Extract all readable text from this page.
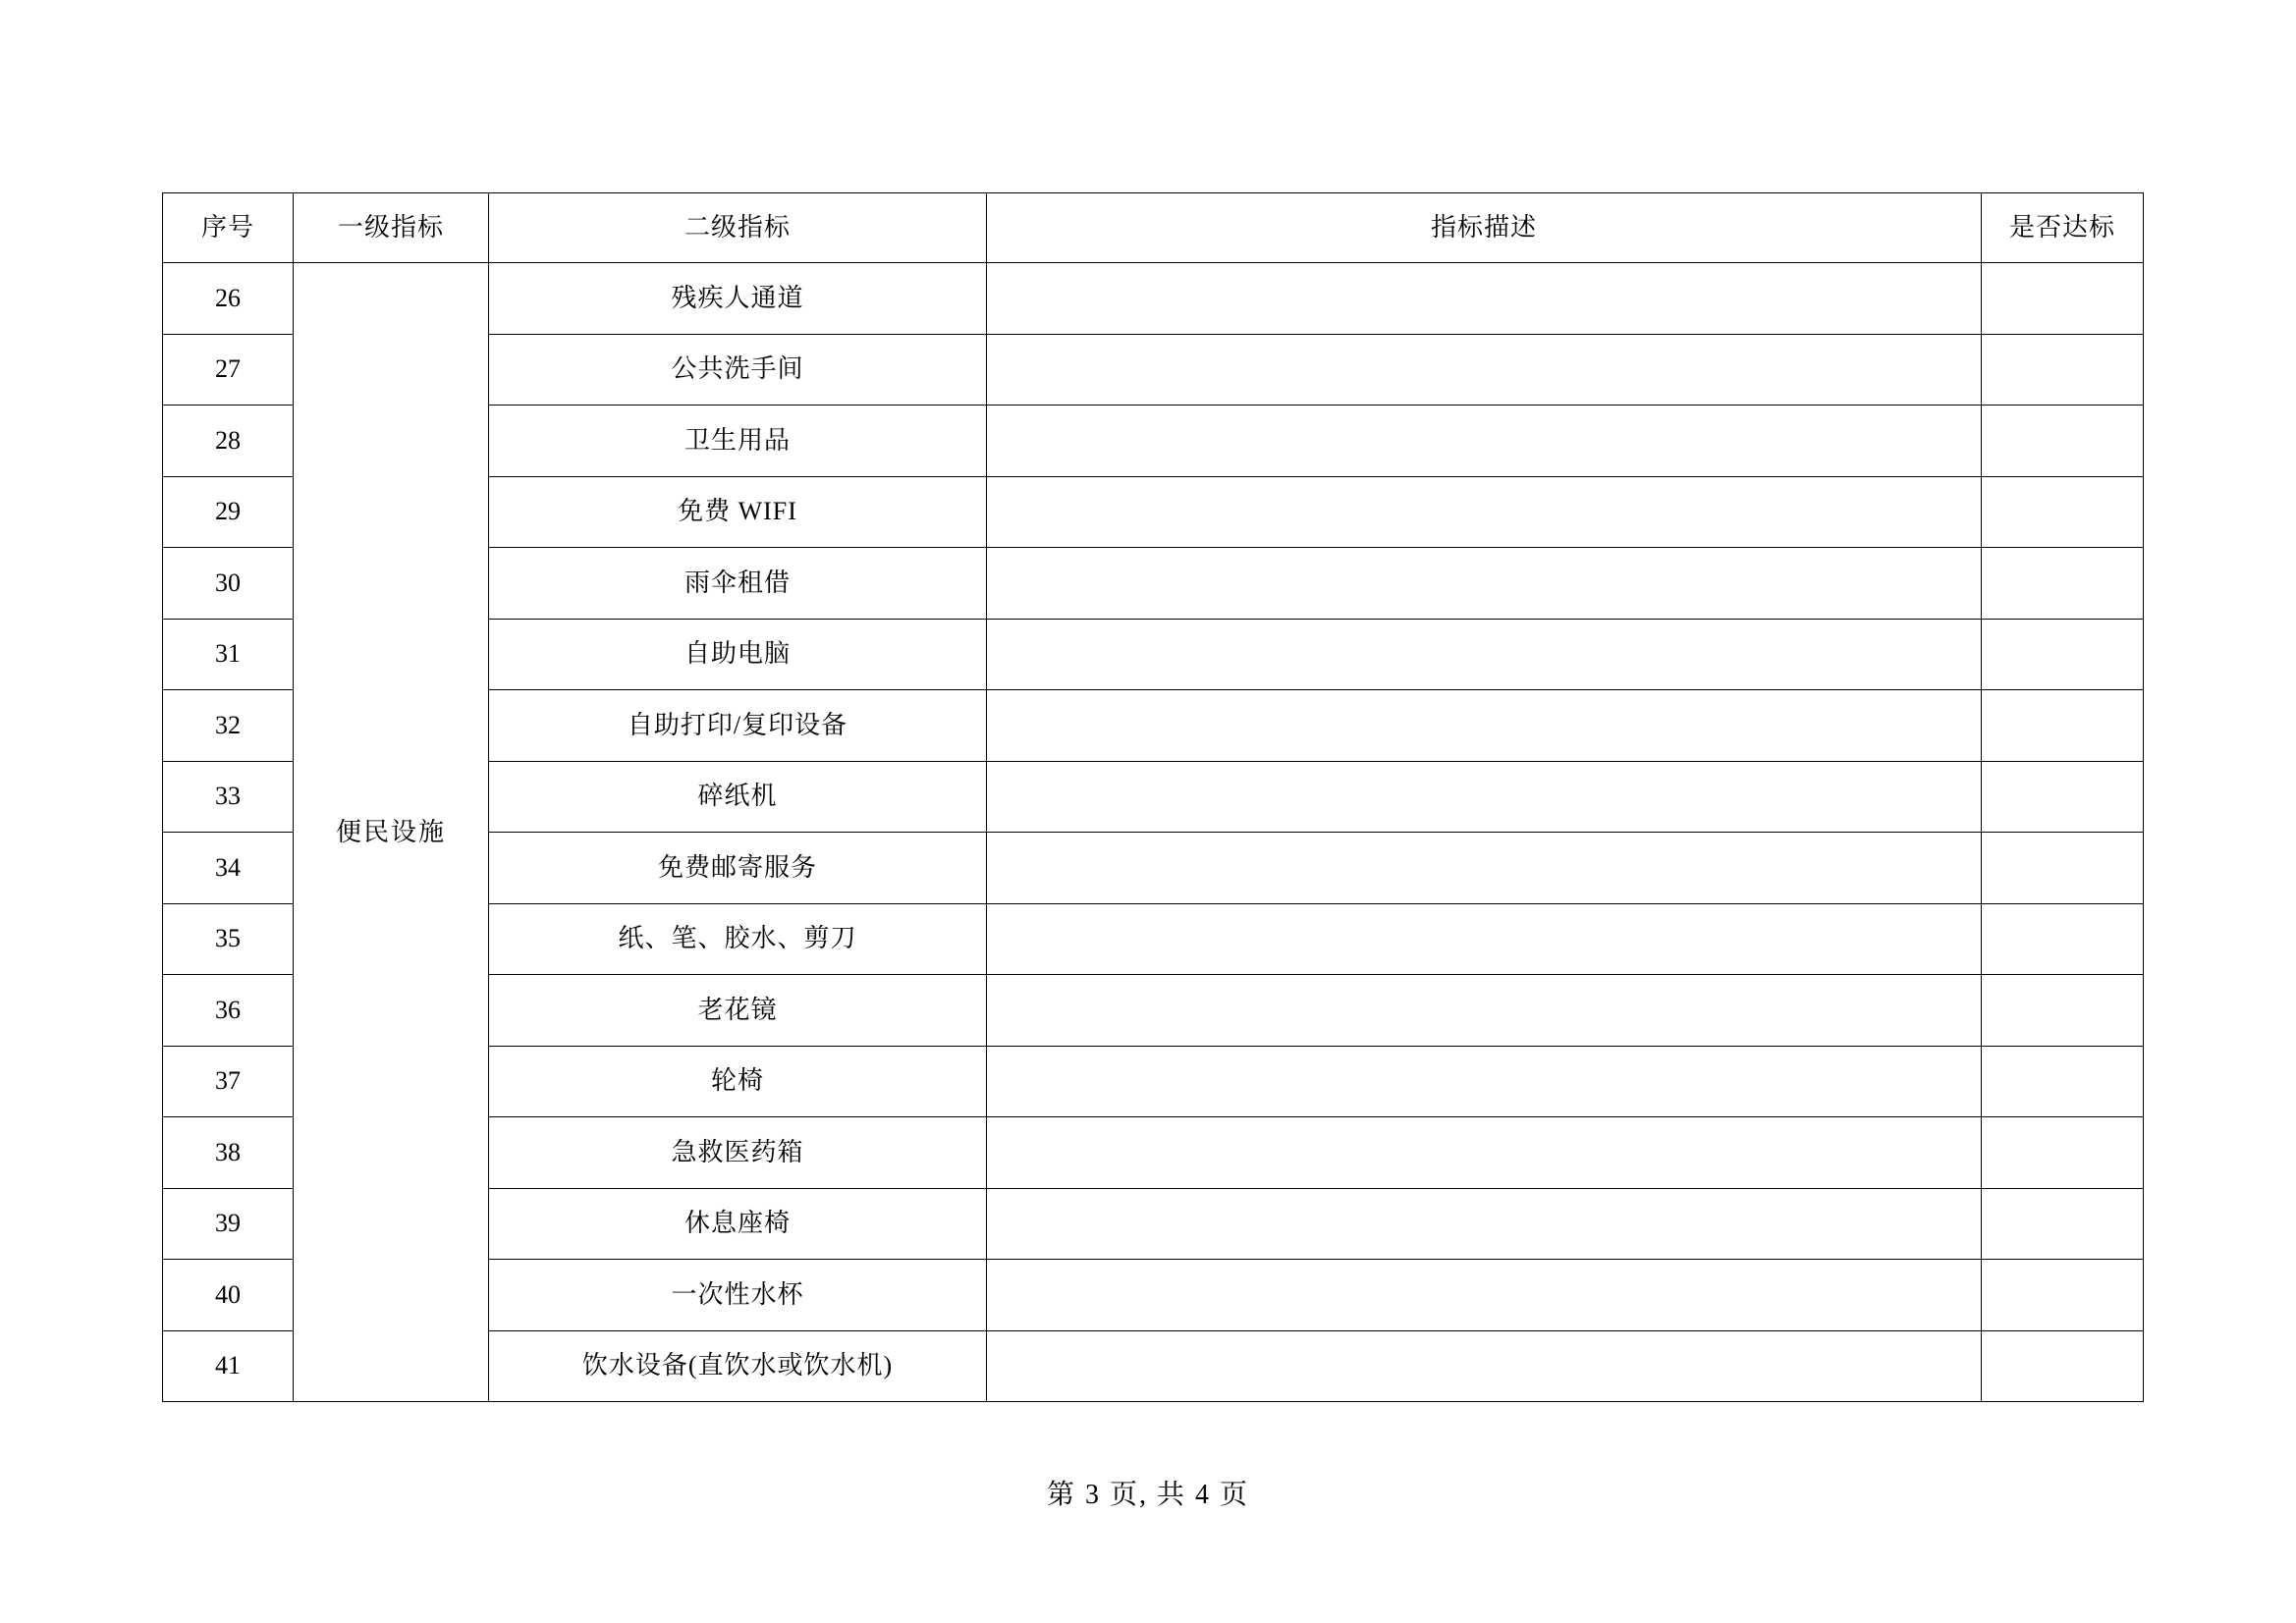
序号	一级指标	二级指标	指标描述	是否达标
26	便民设施	残疾人通道		
27		公共洗手间		
28		卫生用品		
29		免费 WIFI		
30		雨伞租借		
31		自助电脑		
32		自助打印/复印设备		
33		碎纸机		
34		免费邮寄服务		
35		纸、笔、胶水、剪刀		
36		老花镜		
37		轮椅		
38		急救医药箱		
39		休息座椅		
40		一次性水杯		
41		饮水设备(直饮水或饮水机)		
第 3 页, 共 4 页
